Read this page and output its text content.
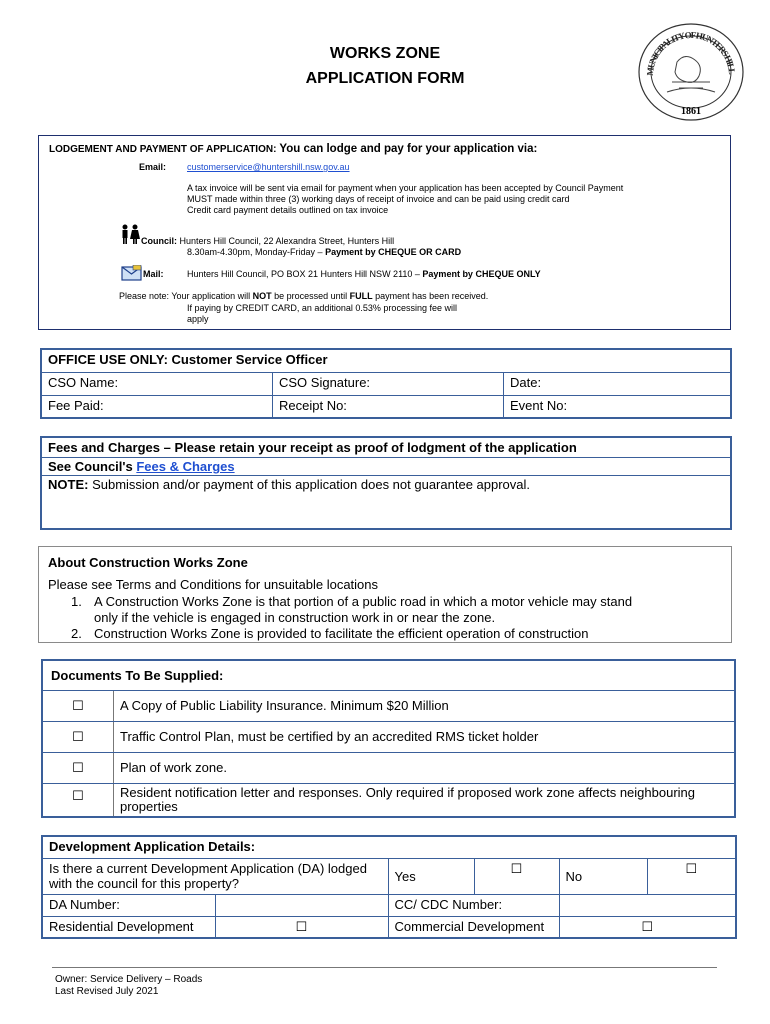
WORKS ZONE
APPLICATION FORM	MUNICIPALITY OF HUNTERS HILL
1861
LODGEMENT AND PAYMENT OF APPLICATION: You can lodge and pay for your application via:
Email: customerservice@huntershill.nsw.gov.au
A tax invoice will be sent via email for payment when your application has been accepted by Council Payment
MUST made within three (3) working days of receipt of invoice and can be paid using credit card
Credit card payment details outlined on tax invoice
Council: Hunters Hill Council, 22 Alexandra Street, Hunters Hill
8.30am-4.30pm, Monday-Friday – Payment by CHEQUE OR CARD
Mail:	Hunters Hill Council, PO BOX 21 Hunters Hill NSW 2110 – Payment by CHEQUE ONLY
Please note: Your application will NOT be processed until FULL payment has been received.
If paying by CREDIT CARD, an additional 0.53% processing fee will
apply
OFFICE USE ONLY: Customer Service Officer		
CSO Name:	CSO Signature:	Date:
Fee Paid:	Receipt No:	Event No:
Fees and Charges – Please retain your receipt as proof of lodgment of the application
See Council's Fees & Charges
NOTE: Submission and/or payment of this application does not guarantee approval.
About Construction Works Zone
Please see Terms and Conditions for unsuitable locations
1. A Construction Works Zone is that portion of a public road in which a motor vehicle may stand
only if the vehicle is engaged in construction work in or near the zone.
2. Construction Works Zone is provided to facilitate the efficient operation of construction
Documents To Be Supplied:	
☐	A Copy of Public Liability Insurance. Minimum $20 Million
☐	Traffic Control Plan, must be certified by an accredited RMS ticket holder
☐	Plan of work zone.
☐	Resident notification letter and responses. Only required if proposed work zone affects neighbouring properties
Development Application Details:					
Is there a current Development Application (DA) lodged with the council for this property?		Yes	☐	No	☐
DA Number:		CC/ CDC Number:			
Residential Development	☐	Commercial Development		☐	
Owner: Service Delivery – Roads
Last Revised July 2021
